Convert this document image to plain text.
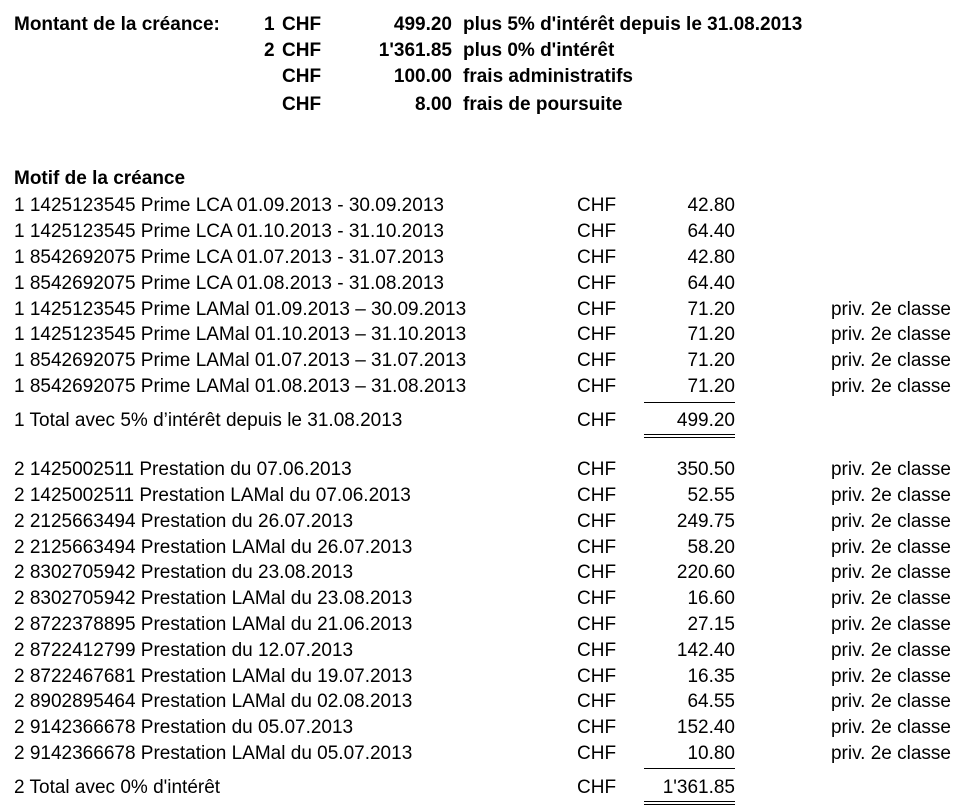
Montant de la créance: 1 CHF	499.20 plus 5% d'intérêt depuis le 31.08.2013
2 CHF	1'361.85 plus 0% d'intérêt
CHF	100.00 frais administratifs
CHF	8.00 frais de poursuite
Motif de la créance
1 1425123545 Prime LCA 01.09.2013 - 30.09.2013	CHF	42.80
1 1425123545 Prime LCA 01.10.2013 - 31.10.2013	CHF	64.40
1 8542692075 Prime LCA 01.07.2013 - 31.07.2013	CHF	42.80
1 8542692075 Prime LCA 01.08.2013 - 31.08.2013	CHF	64.40
1 1425123545 Prime LAMal 01.09.2013 – 30.09.2013	CHF	71.20	priv. 2e classe
1 1425123545 Prime LAMal 01.10.2013 – 31.10.2013	CHF	71.20	priv. 2e classe
1 8542692075 Prime LAMal 01.07.2013 – 31.07.2013	CHF	71.20	priv. 2e classe
1 8542692075 Prime LAMal 01.08.2013 – 31.08.2013	CHF	71.20	priv. 2e classe
1 Total avec 5% d’intérêt depuis le 31.08.2013	CHF	499.20
2 1425002511 Prestation du 07.06.2013	CHF	350.50	priv. 2e classe
2 1425002511 Prestation LAMal du 07.06.2013	CHF	52.55	priv. 2e classe
2 2125663494 Prestation du 26.07.2013	CHF	249.75	priv. 2e classe
2 2125663494 Prestation LAMal du 26.07.2013	CHF	58.20	priv. 2e classe
2 8302705942 Prestation du 23.08.2013	CHF	220.60	priv. 2e classe
2 8302705942 Prestation LAMal du 23.08.2013	CHF	16.60	priv. 2e classe
2 8722378895 Prestation LAMal du 21.06.2013	CHF	27.15	priv. 2e classe
2 8722412799 Prestation du 12.07.2013	CHF	142.40	priv. 2e classe
2 8722467681 Prestation LAMal du 19.07.2013	CHF	16.35	priv. 2e classe
2 8902895464 Prestation LAMal du 02.08.2013	CHF	64.55	priv. 2e classe
2 9142366678 Prestation du 05.07.2013	CHF	152.40	priv. 2e classe
2 9142366678 Prestation LAMal du 05.07.2013	CHF	10.80	priv. 2e classe
2 Total avec 0% d'intérêt	CHF	1'361.85
